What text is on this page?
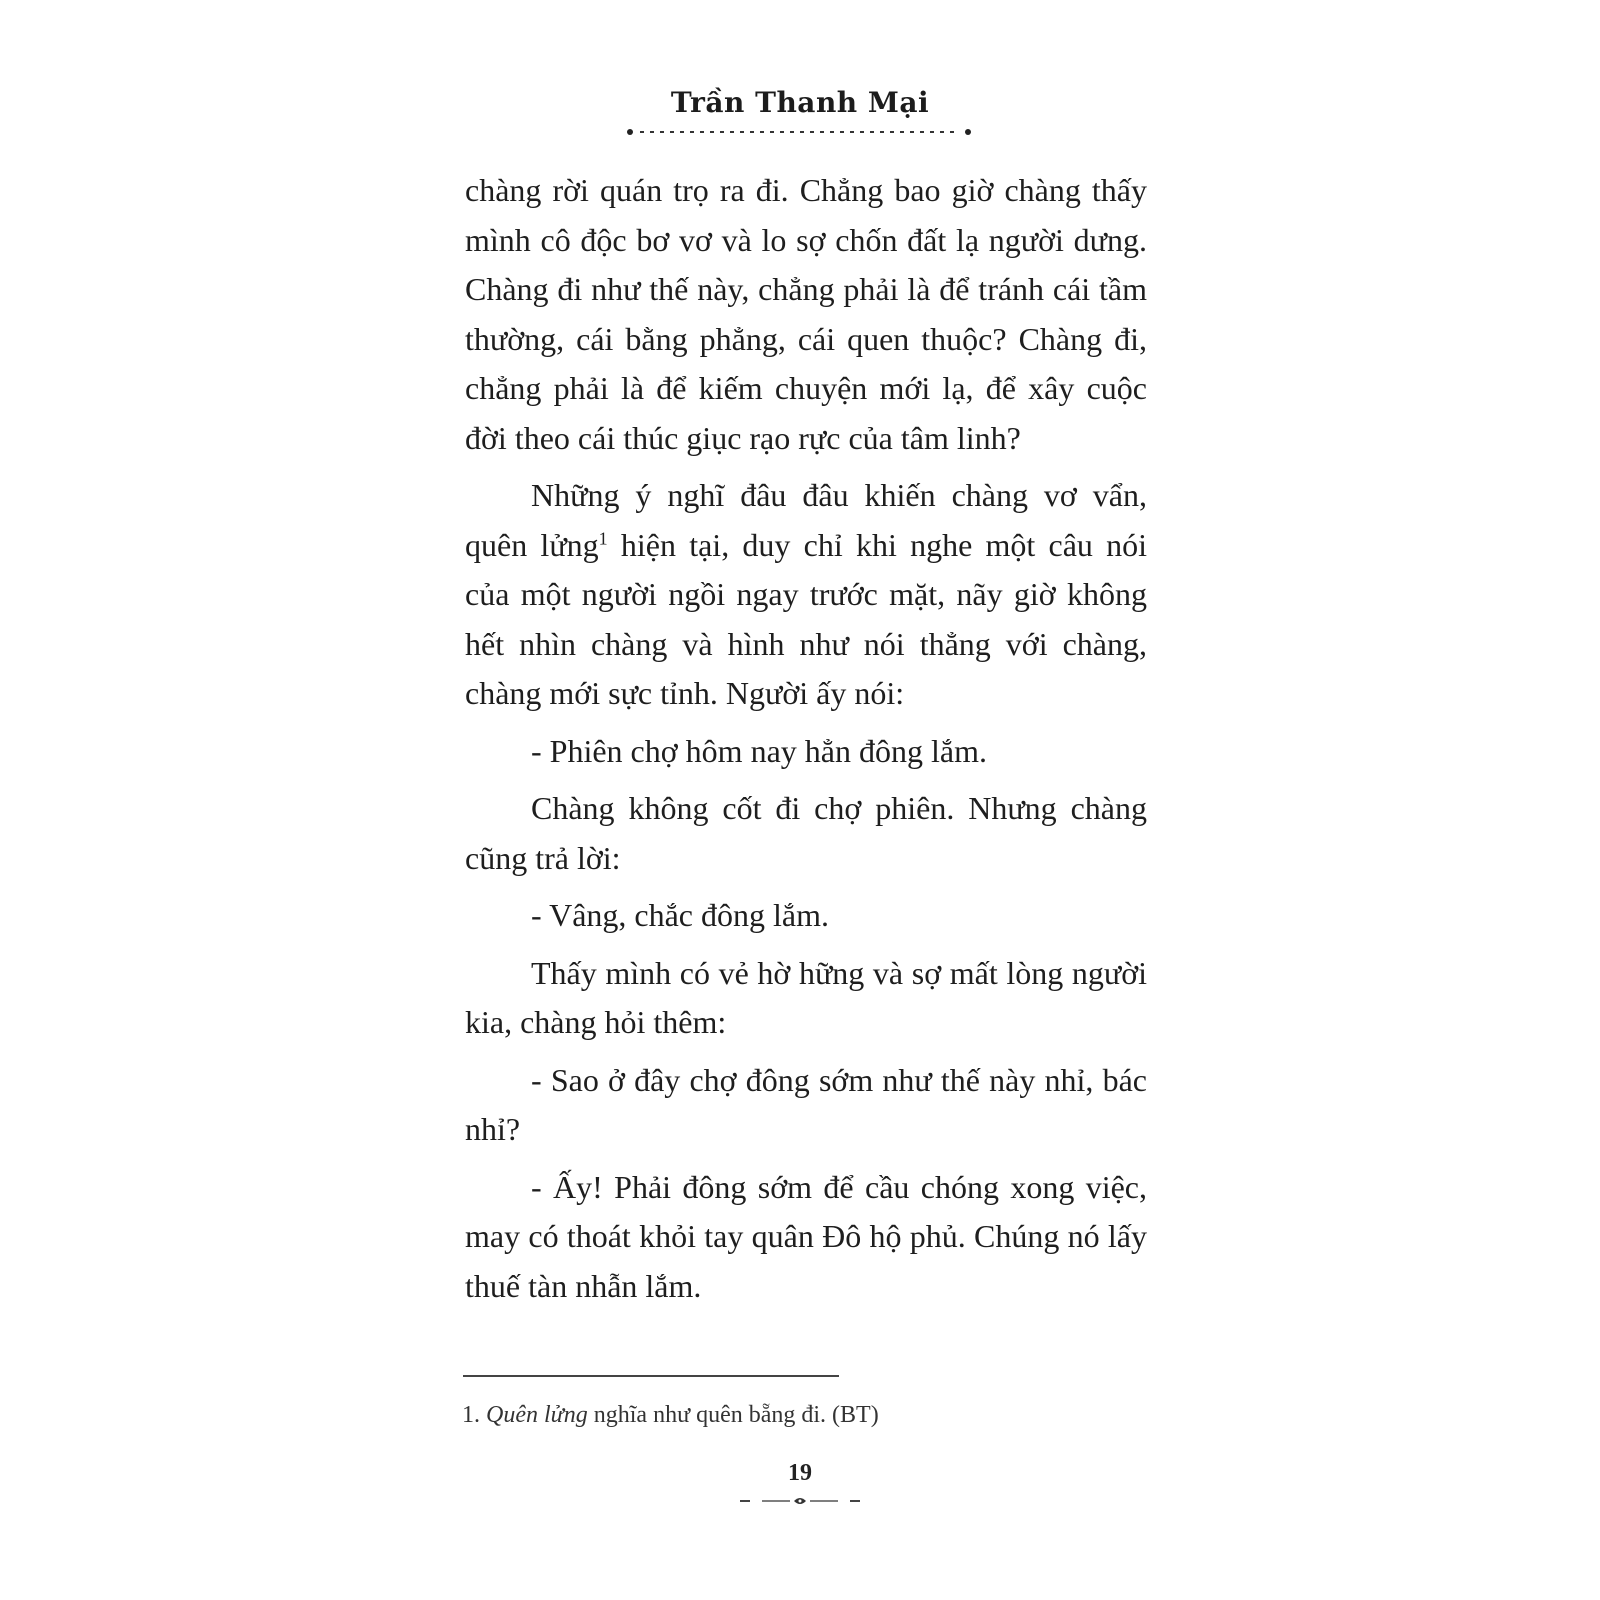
Trần Thanh Mại

chàng rời quán trọ ra đi. Chẳng bao giờ chàng thấy mình cô độc bơ vơ và lo sợ chốn đất lạ người dưng. Chàng đi như thế này, chẳng phải là để tránh cái tầm thường, cái bằng phẳng, cái quen thuộc? Chàng đi, chẳng phải là để kiếm chuyện mới lạ, để xây cuộc đời theo cái thúc giục rạo rực của tâm linh?

Những ý nghĩ đâu đâu khiến chàng vơ vẩn, quên lửng$^1$ hiện tại, duy chỉ khi nghe một câu nói của một người ngồi ngay trước mặt, nãy giờ không hết nhìn chàng và hình như nói thẳng với chàng, chàng mới sực tỉnh. Người ấy nói:

- Phiên chợ hôm nay hẳn đông lắm.

Chàng không cốt đi chợ phiên. Nhưng chàng cũng trả lời:

- Vâng, chắc đông lắm.

Thấy mình có vẻ hờ hững và sợ mất lòng người kia, chàng hỏi thêm:

- Sao ở đây chợ đông sớm như thế này nhỉ, bác nhỉ?

- Ấy! Phải đông sớm để cầu chóng xong việc, may có thoát khỏi tay quân Đô hộ phủ. Chúng nó lấy thuế tàn nhẫn lắm.

1. Quên lửng nghĩa như quên bẵng đi. (BT)
19
